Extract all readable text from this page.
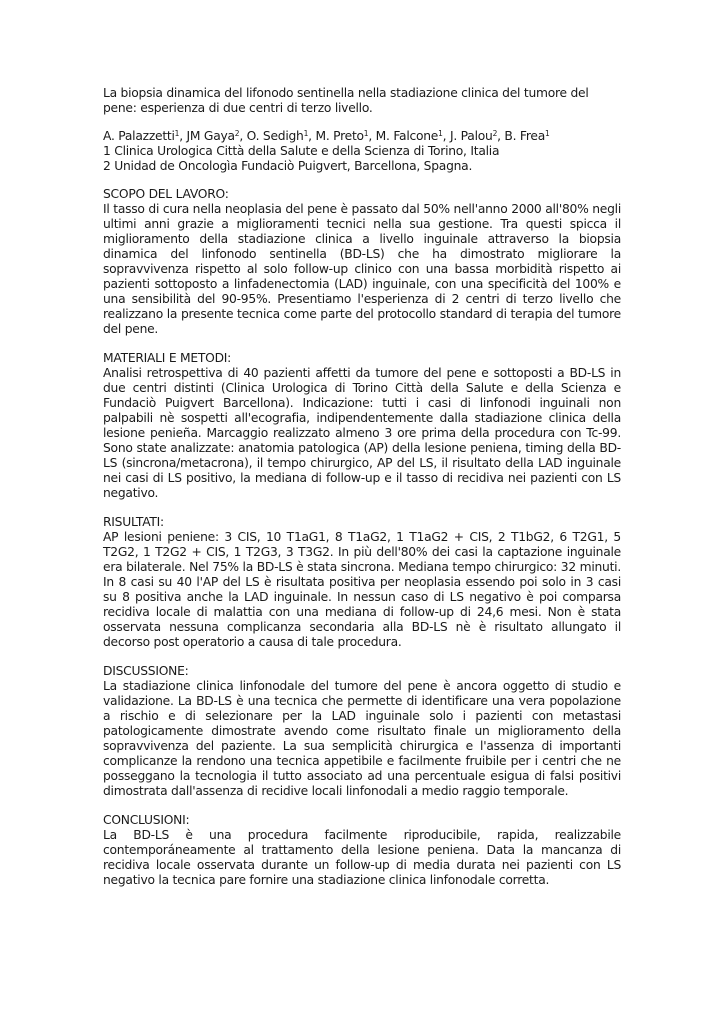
La biopsia dinamica del lifonodo sentinella nella stadiazione clinica del tumore del pene: esperienza di due centri di terzo livello.

A. Palazzetti$^1$, JM Gaya$^2$, O. Sedigh$^1$, M. Preto$^1$, M. Falcone$^1$, J. Palou$^2$, B. Frea$^1$

1 Clinica Urologica Città della Salute e della Scienza di Torino, Italia

2 Unidad de Oncologìa Fundaciò Puigvert, Barcellona, Spagna.

SCOPO DEL LAVORO:

Il tasso di cura nella neoplasia del pene è passato dal 50% nell'anno 2000 all'80% negli ultimi anni grazie a miglioramenti tecnici nella sua gestione. Tra questi spicca il miglioramento della stadiazione clinica a livello inguinale attraverso la biopsia dinamica del linfonodo sentinella (BD-LS) che ha dimostrato migliorare la sopravvivenza rispetto al solo follow-up clinico con una bassa morbidità rispetto ai pazienti sottoposto a linfadenectomia (LAD) inguinale, con una specificità del 100% e una sensibilità del 90-95%. Presentiamo l'esperienza di 2 centri di terzo livello che realizzano la presente tecnica come parte del protocollo standard di terapia del tumore del pene.

MATERIALI E METODI:

Analisi retrospettiva di 40 pazienti affetti da tumore del pene e sottoposti a BD-LS in due centri distinti (Clinica Urologica di Torino Città della Salute e della Scienza e Fundaciò Puigvert Barcellona). Indicazione: tutti i casi di linfonodi inguinali non palpabili nè sospetti all'ecografia, indipendentemente dalla stadiazione clinica della lesione penieña. Marcaggio realizzato almeno 3 ore prima della procedura con Tc-99. Sono state analizzate: anatomia patologica (AP) della lesione peniena, timing della BD-LS (sincrona/metacrona), il tempo chirurgico, AP del LS, il risultato della LAD inguinale nei casi di LS positivo, la mediana di follow-up e il tasso di recidiva nei pazienti con LS negativo.

RISULTATI:

AP lesioni peniene: 3 CIS, 10 T1aG1, 8 T1aG2, 1 T1aG2 + CIS, 2 T1bG2, 6 T2G1, 5 T2G2, 1 T2G2 + CIS, 1 T2G3, 3 T3G2. In più dell'80% dei casi la captazione inguinale era bilaterale. Nel 75% la BD-LS è stata sincrona. Mediana tempo chirurgico: 32 minuti. In 8 casi su 40 l'AP del LS è risultata positiva per neoplasia essendo poi solo in 3 casi su 8 positiva anche la LAD inguinale. In nessun caso di LS negativo è poi comparsa recidiva locale di malattia con una mediana di follow-up di 24,6 mesi. Non è stata osservata nessuna complicanza secondaria alla BD-LS nè è risultato allungato il decorso post operatorio a causa di tale procedura.

DISCUSSIONE:

La stadiazione clinica linfonodale del tumore del pene è ancora oggetto di studio e validazione. La BD-LS è una tecnica che permette di identificare una vera popolazione a rischio e di selezionare per la LAD inguinale solo i pazienti con metastasi patologicamente dimostrate avendo come risultato finale un miglioramento della sopravvivenza del paziente. La sua semplicità chirurgica e l'assenza di importanti complicanze la rendono una tecnica appetibile e facilmente fruibile per i centri che ne posseggano la tecnologia il tutto associato ad una percentuale esigua di falsi positivi dimostrata dall'assenza di recidive locali linfonodali a medio raggio temporale.

CONCLUSIONI:

La BD-LS è una procedura facilmente riproducibile, rapida, realizzabile contemporáneamente al trattamento della lesione peniena. Data la mancanza di recidiva locale osservata durante un follow-up di media durata nei pazienti con LS negativo la tecnica pare fornire una stadiazione clinica linfonodale corretta.
